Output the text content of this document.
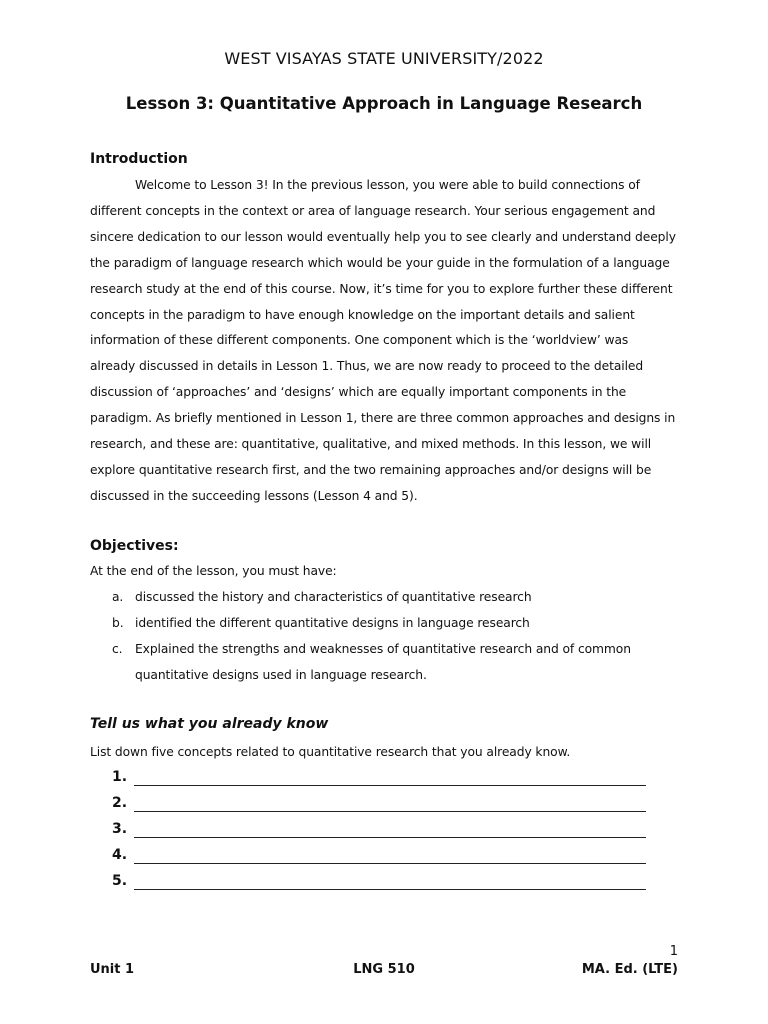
WEST VISAYAS STATE UNIVERSITY/2022
Lesson 3: Quantitative Approach in Language Research
Introduction
Welcome to Lesson 3! In the previous lesson, you were able to build connections of
different concepts in the context or area of language research. Your serious engagement and
sincere dedication to our lesson would eventually help you to see clearly and understand deeply
the paradigm of language research which would be your guide in the formulation of a language
research study at the end of this course. Now, it’s time for you to explore further these different
concepts in the paradigm to have enough knowledge on the important details and salient
information of these different components. One component which is the ‘worldview’ was
already discussed in details in Lesson 1. Thus, we are now ready to proceed to the detailed
discussion of ‘approaches’ and ‘designs’ which are equally important components in the
paradigm. As briefly mentioned in Lesson 1, there are three common approaches and designs in
research, and these are: quantitative, qualitative, and mixed methods. In this lesson, we will
explore quantitative research first, and the two remaining approaches and/or designs will be
discussed in the succeeding lessons (Lesson 4 and 5).
Objectives:
At the end of the lesson, you must have:
a. discussed the history and characteristics of quantitative research
b. identified the different quantitative designs in language research
c. Explained the strengths and weaknesses of quantitative research and of common
quantitative designs used in language research.
Tell us what you already know
List down five concepts related to quantitative research that you already know.
1.
2.
3.
4.
5.
1
Unit 1	LNG 510	MA. Ed. (LTE)
